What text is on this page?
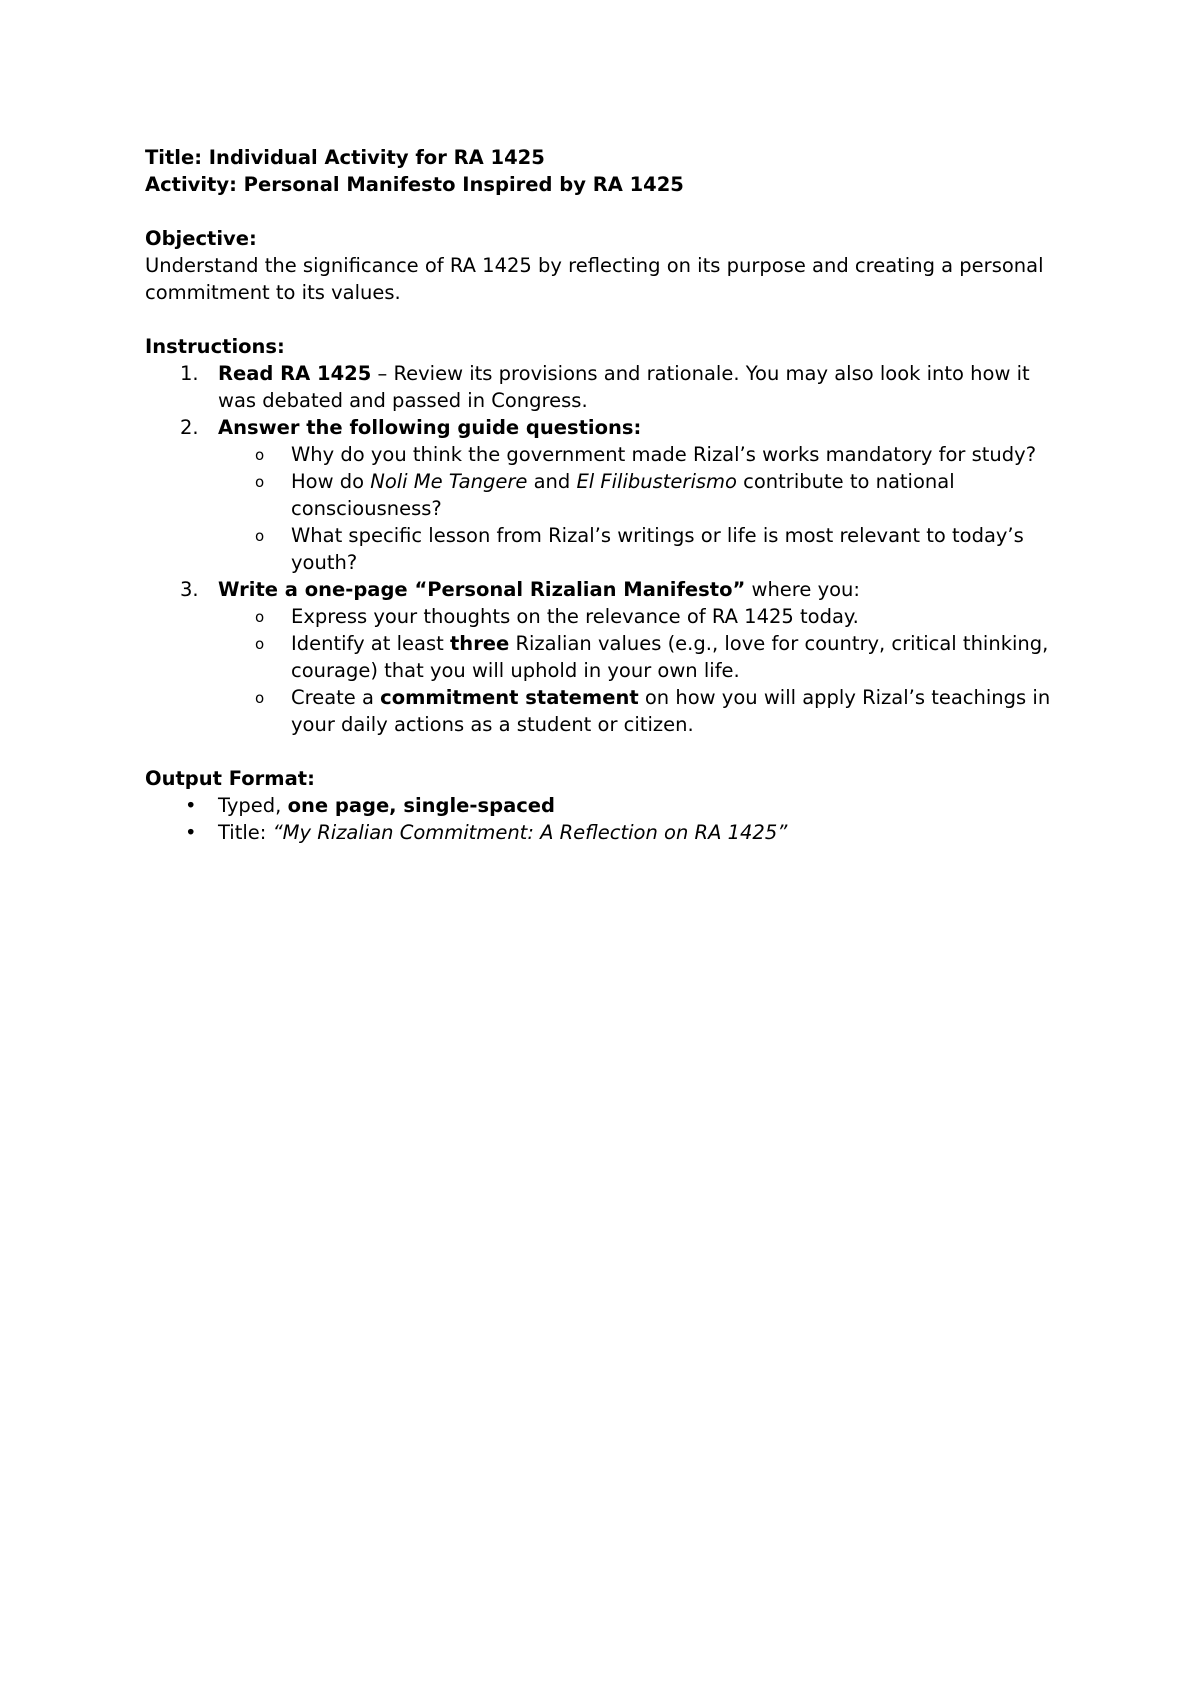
Title: Individual Activity for RA 1425
Activity: Personal Manifesto Inspired by RA 1425
Objective:
Understand the significance of RA 1425 by reflecting on its purpose and creating a personal
commitment to its values.
Instructions:
1. Read RA 1425 – Review its provisions and rationale. You may also look into how it
was debated and passed in Congress.
2. Answer the following guide questions:
o Why do you think the government made Rizal’s works mandatory for study?
o How do Noli Me Tangere and El Filibusterismo contribute to national
consciousness?
o What specific lesson from Rizal’s writings or life is most relevant to today’s
youth?
3. Write a one-page “Personal Rizalian Manifesto” where you:
o Express your thoughts on the relevance of RA 1425 today.
o Identify at least three Rizalian values (e.g., love for country, critical thinking,
courage) that you will uphold in your own life.
o Create a commitment statement on how you will apply Rizal’s teachings in
your daily actions as a student or citizen.
Output Format:
• Typed, one page, single-spaced
• Title: “My Rizalian Commitment: A Reflection on RA 1425”
